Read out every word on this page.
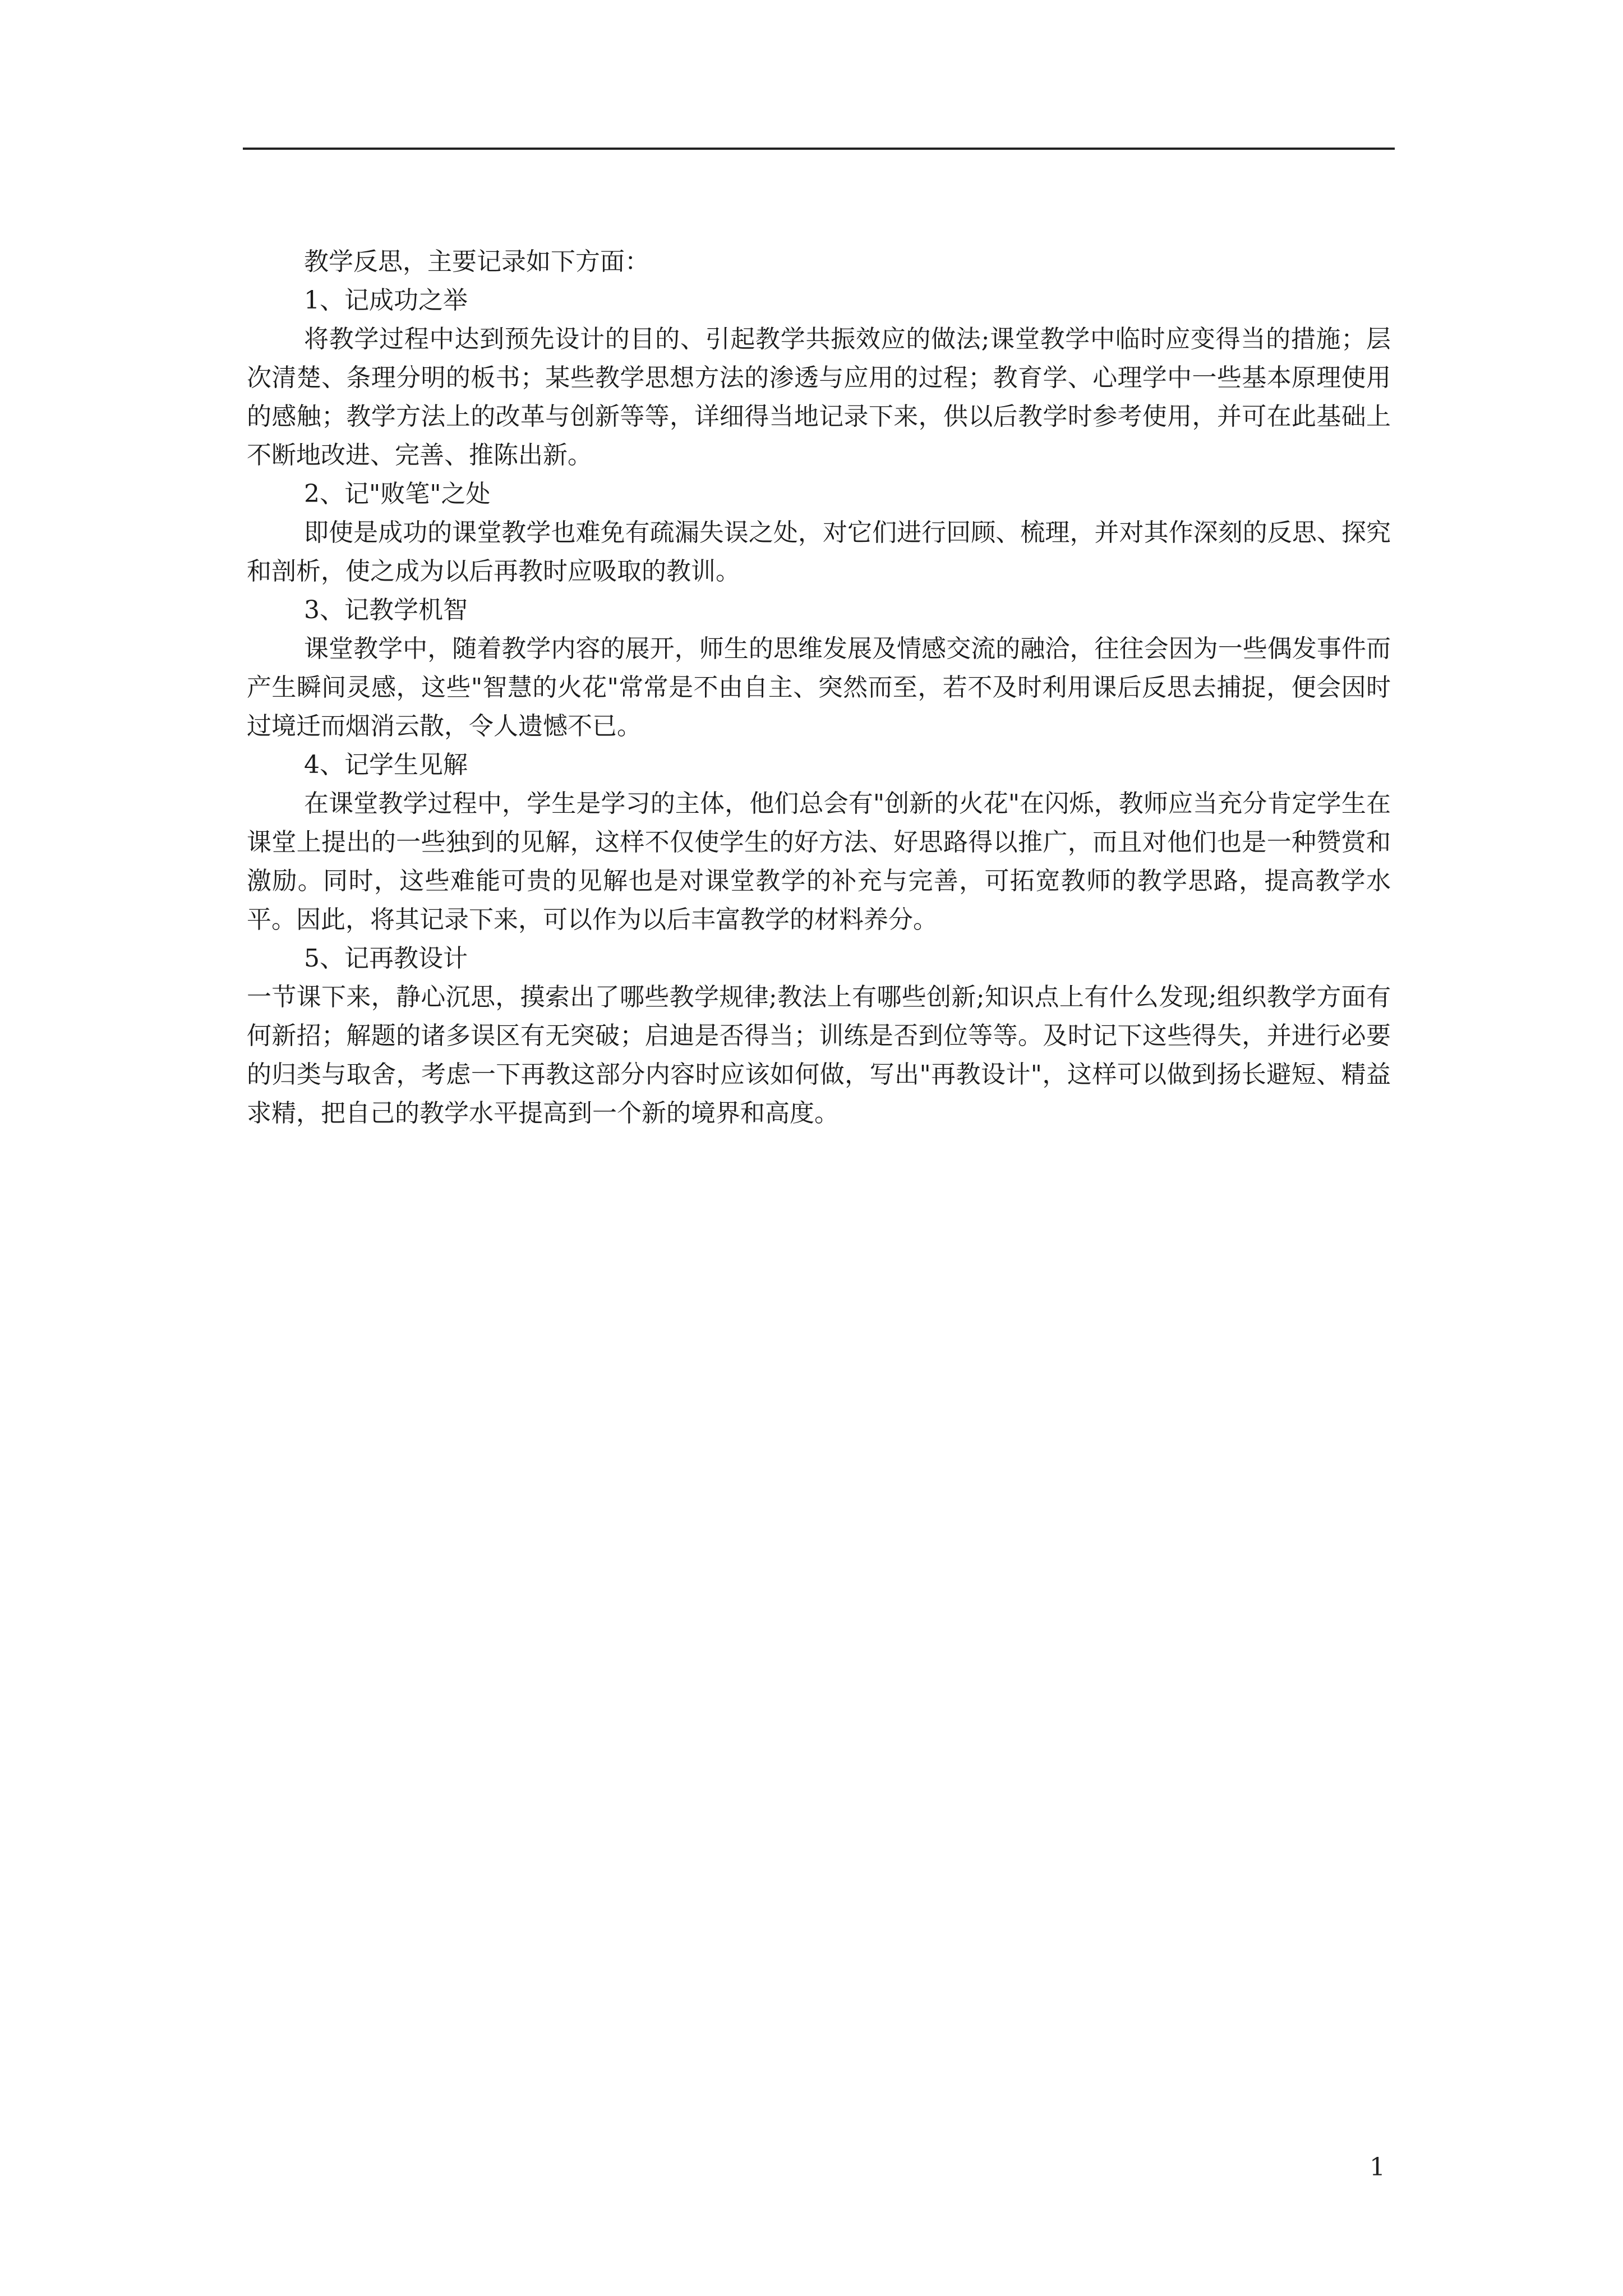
教学反思，主要记录如下方面：

1、记成功之举

将教学过程中达到预先设计的目的、引起教学共振效应的做法;课堂教学中临时应变得当的措施；层次清楚、条理分明的板书；某些教学思想方法的渗透与应用的过程；教育学、心理学中一些基本原理使用的感触；教学方法上的改革与创新等等，详细得当地记录下来，供以后教学时参考使用，并可在此基础上不断地改进、完善、推陈出新。

2、记"败笔"之处

即使是成功的课堂教学也难免有疏漏失误之处，对它们进行回顾、梳理，并对其作深刻的反思、探究和剖析，使之成为以后再教时应吸取的教训。

3、记教学机智

课堂教学中，随着教学内容的展开，师生的思维发展及情感交流的融洽，往往会因为一些偶发事件而产生瞬间灵感，这些"智慧的火花"常常是不由自主、突然而至，若不及时利用课后反思去捕捉，便会因时过境迁而烟消云散，令人遗憾不已。

4、记学生见解

在课堂教学过程中，学生是学习的主体，他们总会有"创新的火花"在闪烁，教师应当充分肯定学生在课堂上提出的一些独到的见解，这样不仅使学生的好方法、好思路得以推广，而且对他们也是一种赞赏和激励。同时，这些难能可贵的见解也是对课堂教学的补充与完善，可拓宽教师的教学思路，提高教学水平。因此，将其记录下来，可以作为以后丰富教学的材料养分。

5、记再教设计

一节课下来，静心沉思，摸索出了哪些教学规律;教法上有哪些创新;知识点上有什么发现;组织教学方面有何新招；解题的诸多误区有无突破；启迪是否得当；训练是否到位等等。及时记下这些得失，并进行必要的归类与取舍，考虑一下再教这部分内容时应该如何做，写出"再教设计"，这样可以做到扬长避短、精益求精，把自己的教学水平提高到一个新的境界和高度。

1
